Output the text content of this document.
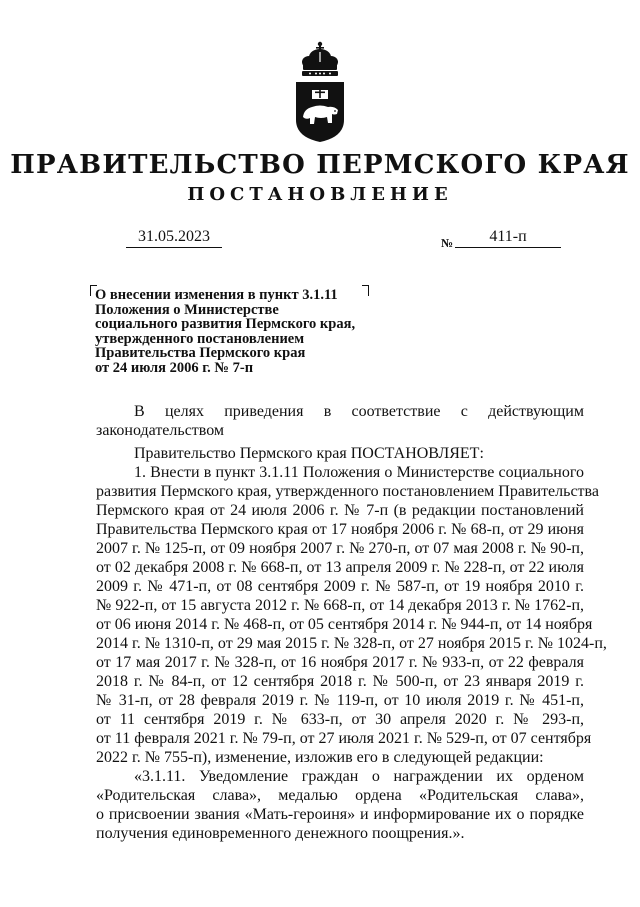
ПРАВИТЕЛЬСТВО ПЕРМСКОГО КРАЯ
ПОСТАНОВЛЕНИЕ
31.05.2023	№	411-п
О внесении изменения в пункт 3.1.11
Положения о Министерстве
социального развития Пермского края,
утвержденного постановлением
Правительства Пермского края
от 24 июля 2006 г. № 7-п
В целях приведения в соответствие с действующим
законодательством
Правительство Пермского края ПОСТАНОВЛЯЕТ:
1. Внести в пункт 3.1.11 Положения о Министерстве социального
развития Пермского края, утвержденного постановлением Правительства
Пермского края от 24 июля 2006 г. № 7-п (в редакции постановлений
Правительства Пермского края от 17 ноября 2006 г. № 68-п, от 29 июня
2007 г. № 125-п, от 09 ноября 2007 г. № 270-п, от 07 мая 2008 г. № 90-п,
от 02 декабря 2008 г. № 668-п, от 13 апреля 2009 г. № 228-п, от 22 июля
2009 г. № 471-п, от 08 сентября 2009 г. № 587-п, от 19 ноября 2010 г.
№ 922-п, от 15 августа 2012 г. № 668-п, от 14 декабря 2013 г. № 1762-п,
от 06 июня 2014 г. № 468-п, от 05 сентября 2014 г. № 944-п, от 14 ноября
2014 г. № 1310-п, от 29 мая 2015 г. № 328-п, от 27 ноября 2015 г. № 1024-п,
от 17 мая 2017 г. № 328-п, от 16 ноября 2017 г. № 933-п, от 22 февраля
2018 г. № 84-п, от 12 сентября 2018 г. № 500-п, от 23 января 2019 г.
№ 31-п, от 28 февраля 2019 г. № 119-п, от 10 июля 2019 г. № 451-п,
от 11 сентября 2019 г. № 633-п, от 30 апреля 2020 г. № 293-п,
от 11 февраля 2021 г. № 79-п, от 27 июля 2021 г. № 529-п, от 07 сентября
2022 г. № 755-п), изменение, изложив его в следующей редакции:
«3.1.11. Уведомление граждан о награждении их орденом
«Родительская слава», медалью ордена «Родительская слава»,
о присвоении звания «Мать-героиня» и информирование их о порядке
получения единовременного денежного поощрения.».
